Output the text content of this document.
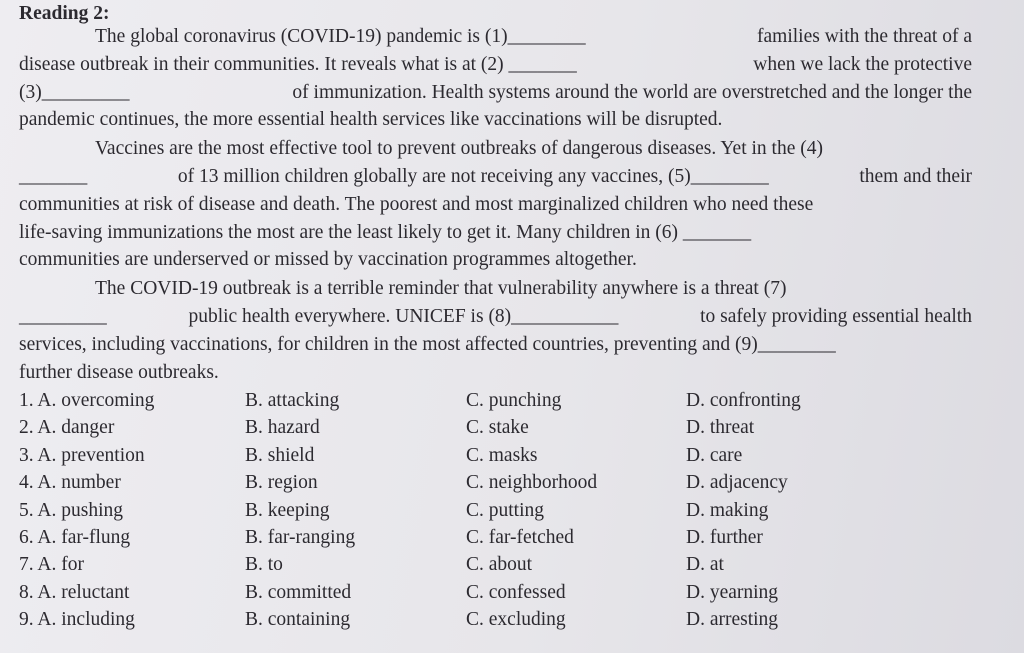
Reading 2:
The global coronavirus (COVID-19) pandemic is (1)________	families with the threat of a
disease outbreak in their communities. It reveals what is at (2) _______	when we lack the protective
(3)_________	of immunization. Health systems around the world are overstretched and the longer the
pandemic continues, the more essential health services like vaccinations will be disrupted.
Vaccines are the most effective tool to prevent outbreaks of dangerous diseases. Yet in the (4)
_______	of 13 million children globally are not receiving any vaccines, (5)________	them and their
communities at risk of disease and death. The poorest and most marginalized children who need these
life-saving immunizations the most are the least likely to get it. Many children in (6) _______
communities are underserved or missed by vaccination programmes altogether.
The COVID-19 outbreak is a terrible reminder that vulnerability anywhere is a threat (7)
_________	public health everywhere. UNICEF is (8)___________	to safely providing essential health
services, including vaccinations, for children in the most affected countries, preventing and (9)________
further disease outbreaks.
1. A. overcoming	B. attacking	C. punching	D. confronting
2. A. danger	B. hazard	C. stake	D. threat
3. A. prevention	B. shield	C. masks	D. care
4. A. number	B. region	C. neighborhood	D. adjacency
5. A. pushing	B. keeping	C. putting	D. making
6. A. far-flung	B. far-ranging	C. far-fetched	D. further
7. A. for	B. to	C. about	D. at
8. A. reluctant	B. committed	C. confessed	D. yearning
9. A. including	B. containing	C. excluding	D. arresting
